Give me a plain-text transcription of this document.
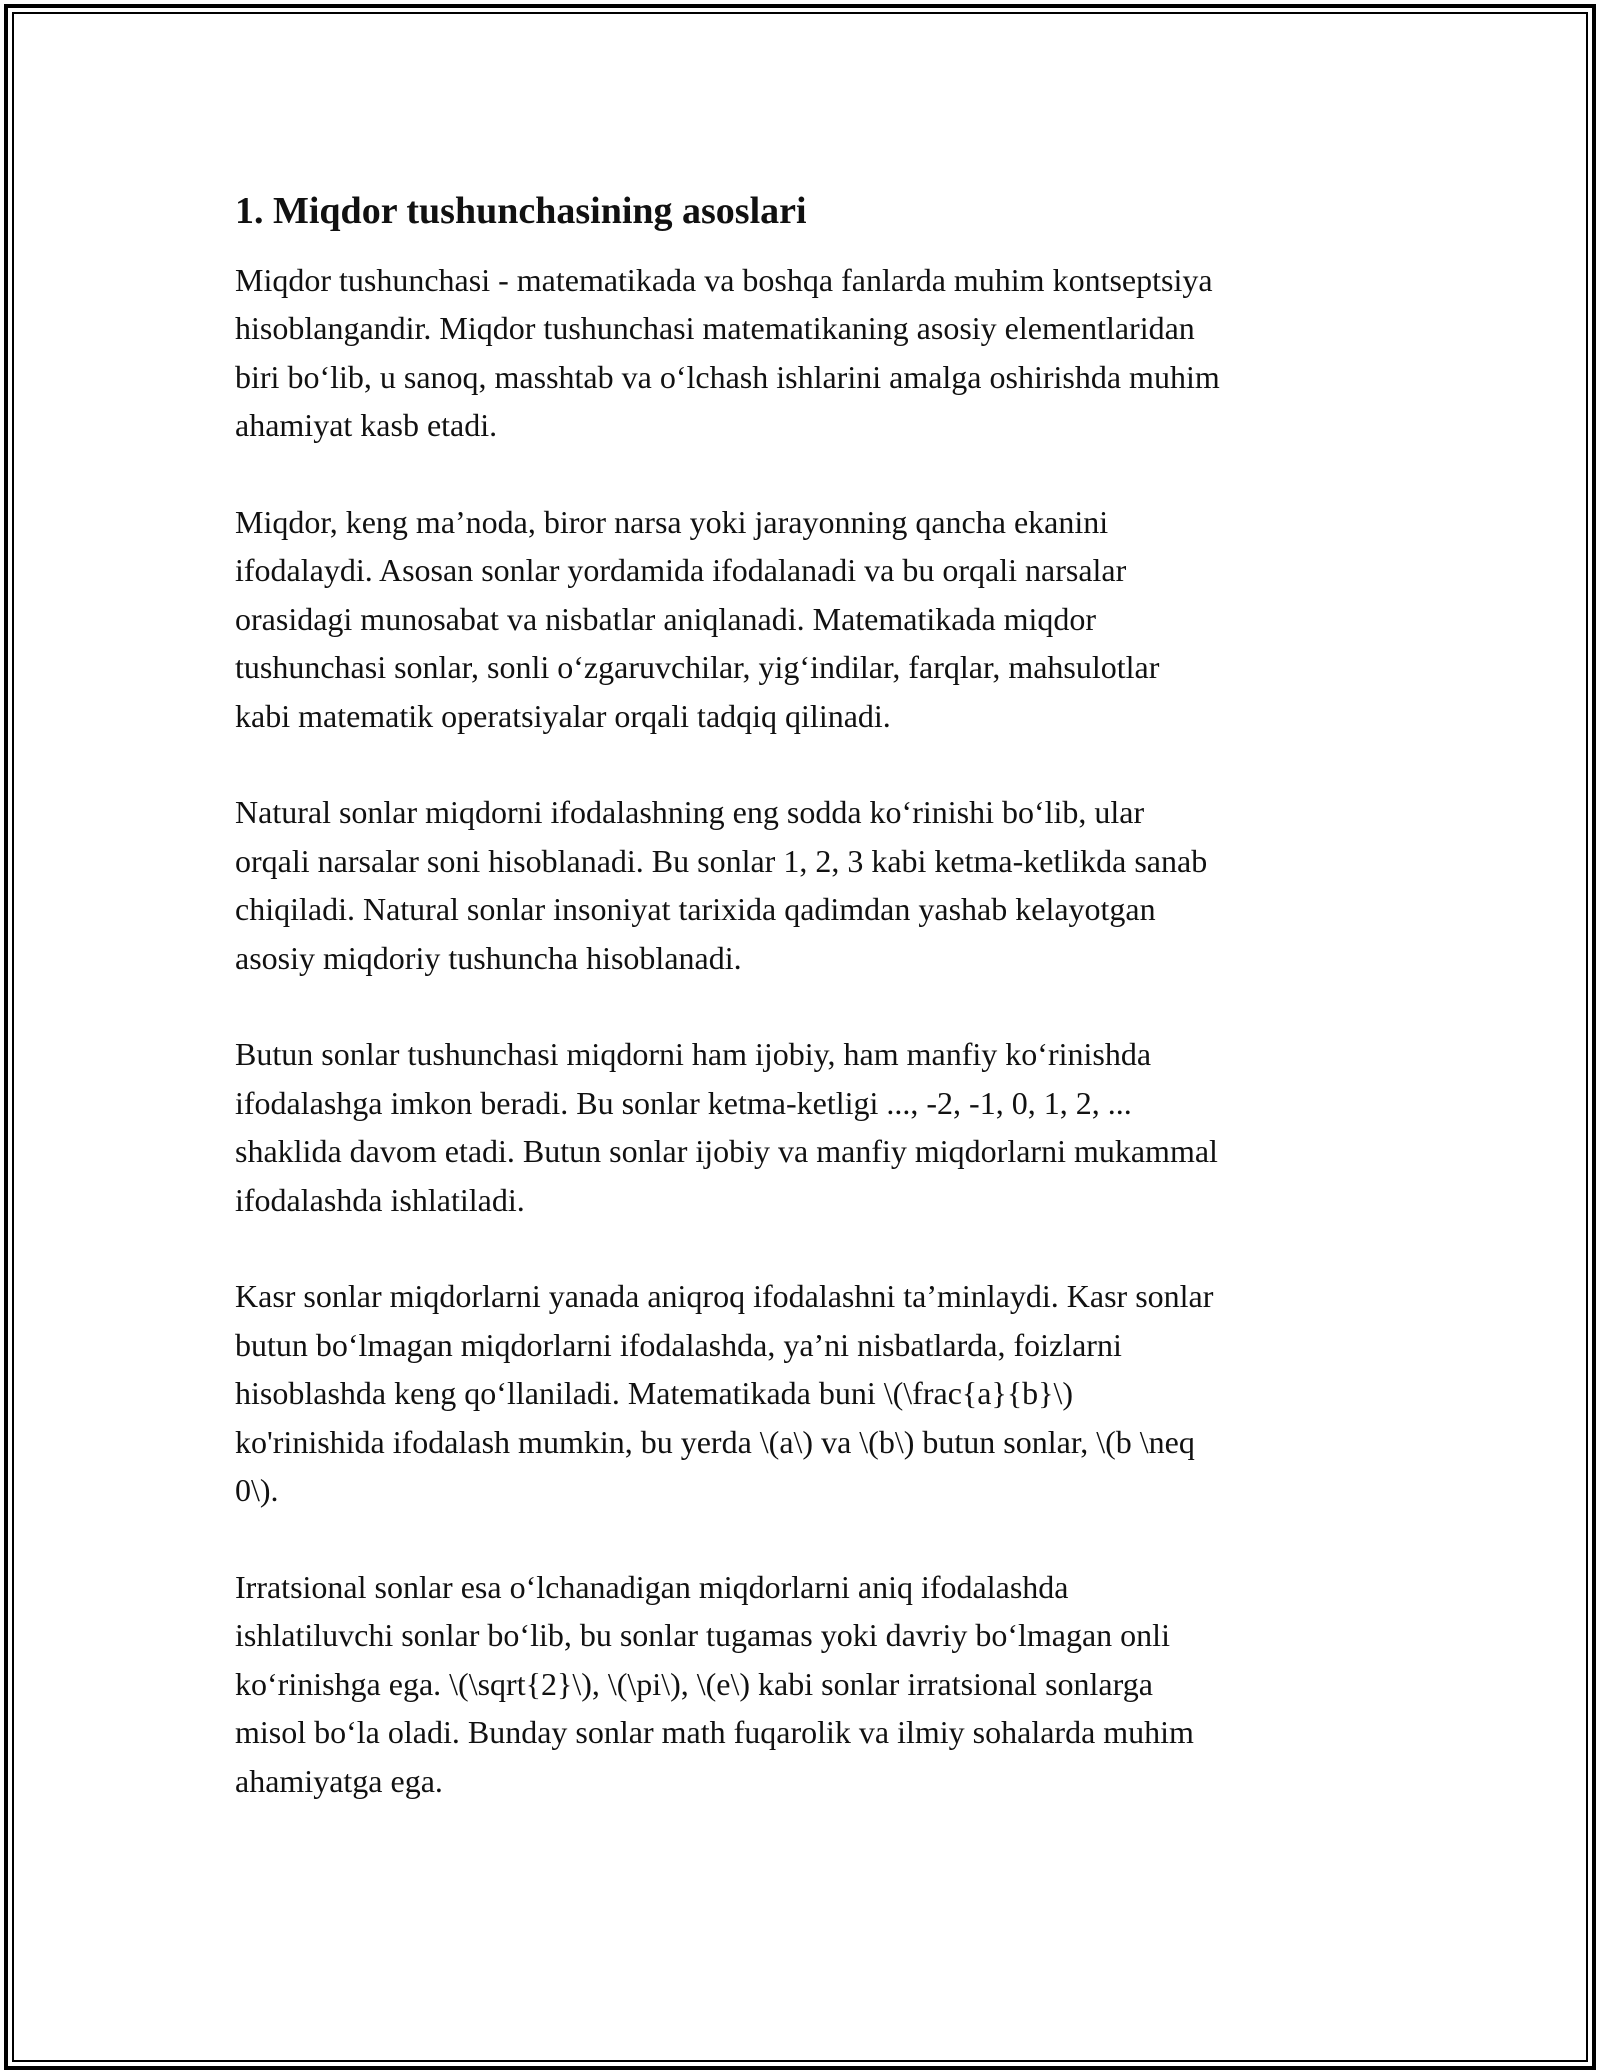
1. Miqdor tushunchasining asoslari
Miqdor tushunchasi - matematikada va boshqa fanlarda muhim kontseptsiya
hisoblangandir. Miqdor tushunchasi matematikaning asosiy elementlaridan
biri bo‘lib, u sanoq, masshtab va o‘lchash ishlarini amalga oshirishda muhim
ahamiyat kasb etadi.
Miqdor, keng ma’noda, biror narsa yoki jarayonning qancha ekanini
ifodalaydi. Asosan sonlar yordamida ifodalanadi va bu orqali narsalar
orasidagi munosabat va nisbatlar aniqlanadi. Matematikada miqdor
tushunchasi sonlar, sonli o‘zgaruvchilar, yig‘indilar, farqlar, mahsulotlar
kabi matematik operatsiyalar orqali tadqiq qilinadi.
Natural sonlar miqdorni ifodalashning eng sodda ko‘rinishi bo‘lib, ular
orqali narsalar soni hisoblanadi. Bu sonlar 1, 2, 3 kabi ketma-ketlikda sanab
chiqiladi. Natural sonlar insoniyat tarixida qadimdan yashab kelayotgan
asosiy miqdoriy tushuncha hisoblanadi.
Butun sonlar tushunchasi miqdorni ham ijobiy, ham manfiy ko‘rinishda
ifodalashga imkon beradi. Bu sonlar ketma-ketligi ..., -2, -1, 0, 1, 2, ...
shaklida davom etadi. Butun sonlar ijobiy va manfiy miqdorlarni mukammal
ifodalashda ishlatiladi.
Kasr sonlar miqdorlarni yanada aniqroq ifodalashni ta’minlaydi. Kasr sonlar
butun bo‘lmagan miqdorlarni ifodalashda, ya’ni nisbatlarda, foizlarni
hisoblashda keng qo‘llaniladi. Matematikada buni \(\frac{a}{b}\)
ko'rinishida ifodalash mumkin, bu yerda \(a\) va \(b\) butun sonlar, \(b \neq
0\).
Irratsional sonlar esa o‘lchanadigan miqdorlarni aniq ifodalashda
ishlatiluvchi sonlar bo‘lib, bu sonlar tugamas yoki davriy bo‘lmagan onli
ko‘rinishga ega. \(\sqrt{2}\), \(\pi\), \(e\) kabi sonlar irratsional sonlarga
misol bo‘la oladi. Bunday sonlar math fuqarolik va ilmiy sohalarda muhim
ahamiyatga ega.
